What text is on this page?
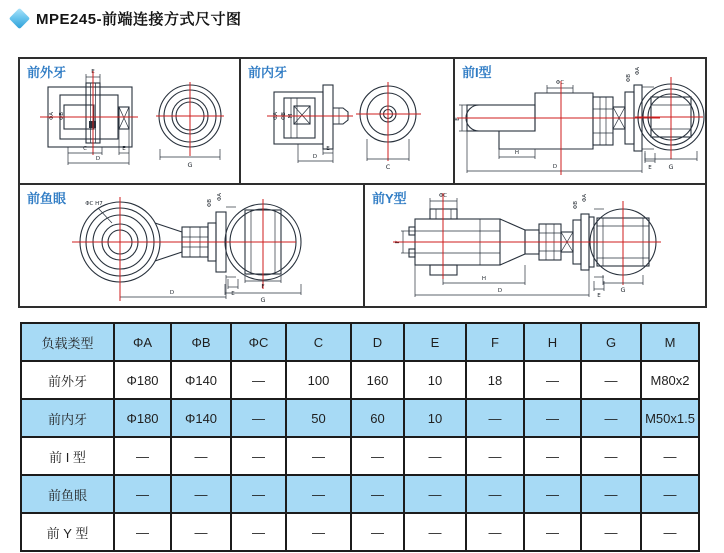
MPE245-前端连接方式尺寸图
前外牙	E
ΦA ΦB
C	E
D
G
前内牙
ΦA ΦB M
E
D
C
前I型
E
ΦC
H
ΦB
ΦA
E
D	G
前鱼眼	ΦC H7	ΦB
ΦA
E
D
F
G
前Y型	ΦC
F
ΦB
ΦA
H
D
E
G
负载类型	ΦA	ΦB	ΦC	C	D	E	F	H	G	M
前外牙	Φ180	Φ140	—	100	160	10	18	—	—	M80x2
前内牙	Φ180	Φ140	—	50	60	10	—	—	—	M50x1.5
前 I 型	—	—	—	—	—	—	—	—	—	—
前鱼眼	—	—	—	—	—	—	—	—	—	—
前 Y 型	—	—	—	—	—	—	—	—	—	—
